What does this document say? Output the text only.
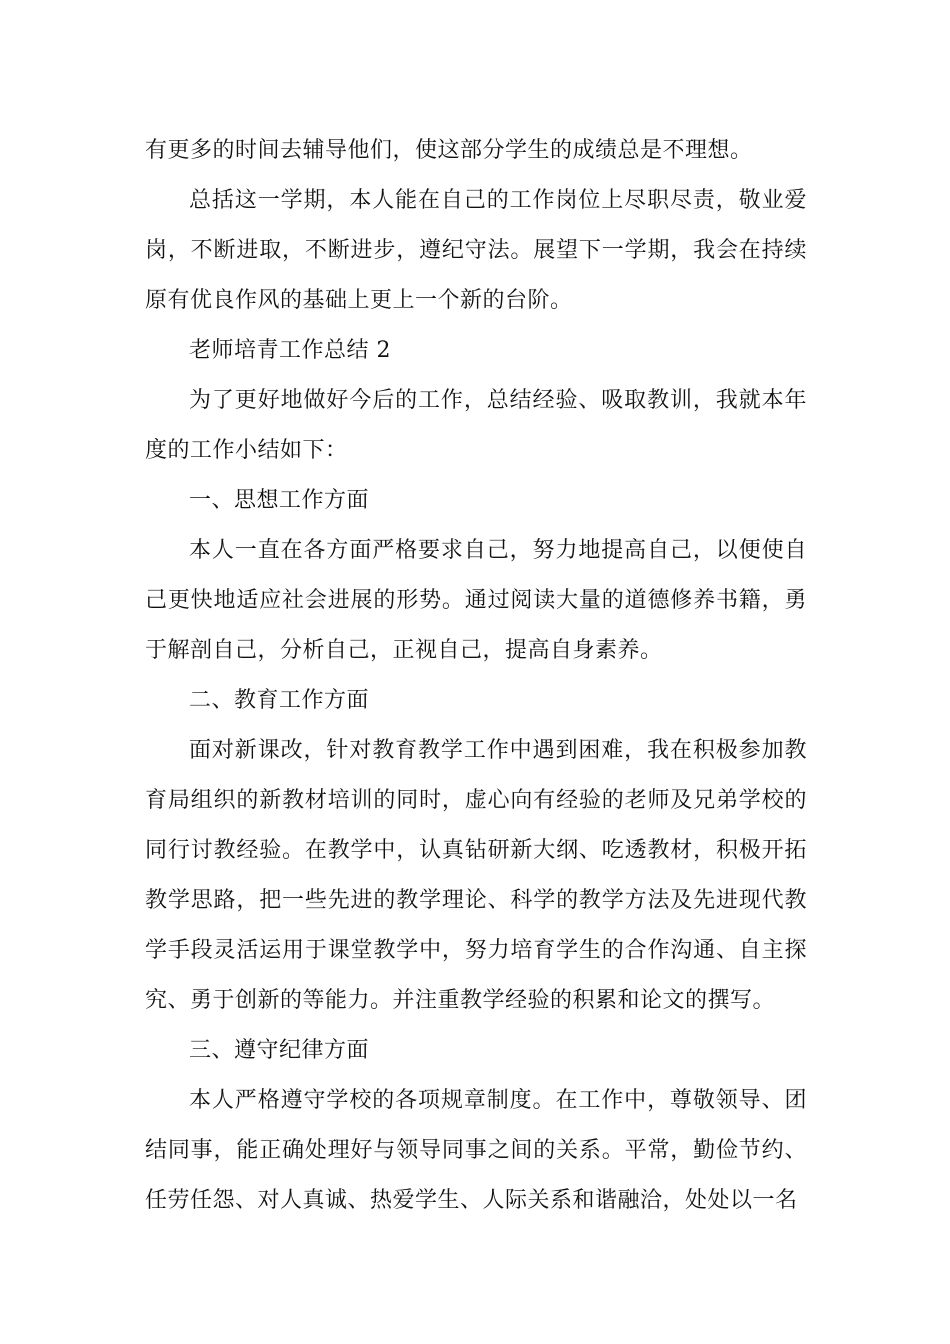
有更多的时间去辅导他们，使这部分学生的成绩总是不理想。

总括这一学期，本人能在自己的工作岗位上尽职尽责，敬业爱岗，不断进取，不断进步，遵纪守法。展望下一学期，我会在持续原有优良作风的基础上更上一个新的台阶。

老师培青工作总结 2

为了更好地做好今后的工作，总结经验、吸取教训，我就本年度的工作小结如下：

一、思想工作方面

本人一直在各方面严格要求自己，努力地提高自己，以便使自己更快地适应社会进展的形势。通过阅读大量的道德修养书籍，勇于解剖自己，分析自己，正视自己，提高自身素养。

二、教育工作方面

面对新课改，针对教育教学工作中遇到困难，我在积极参加教育局组织的新教材培训的同时，虚心向有经验的老师及兄弟学校的同行讨教经验。在教学中，认真钻研新大纲、吃透教材，积极开拓教学思路，把一些先进的教学理论、科学的教学方法及先进现代教学手段灵活运用于课堂教学中，努力培育学生的合作沟通、自主探究、勇于创新的等能力。并注重教学经验的积累和论文的撰写。

三、遵守纪律方面

本人严格遵守学校的各项规章制度。在工作中，尊敬领导、团结同事，能正确处理好与领导同事之间的关系。平常，勤俭节约、任劳任怨、对人真诚、热爱学生、人际关系和谐融洽，处处以一名
